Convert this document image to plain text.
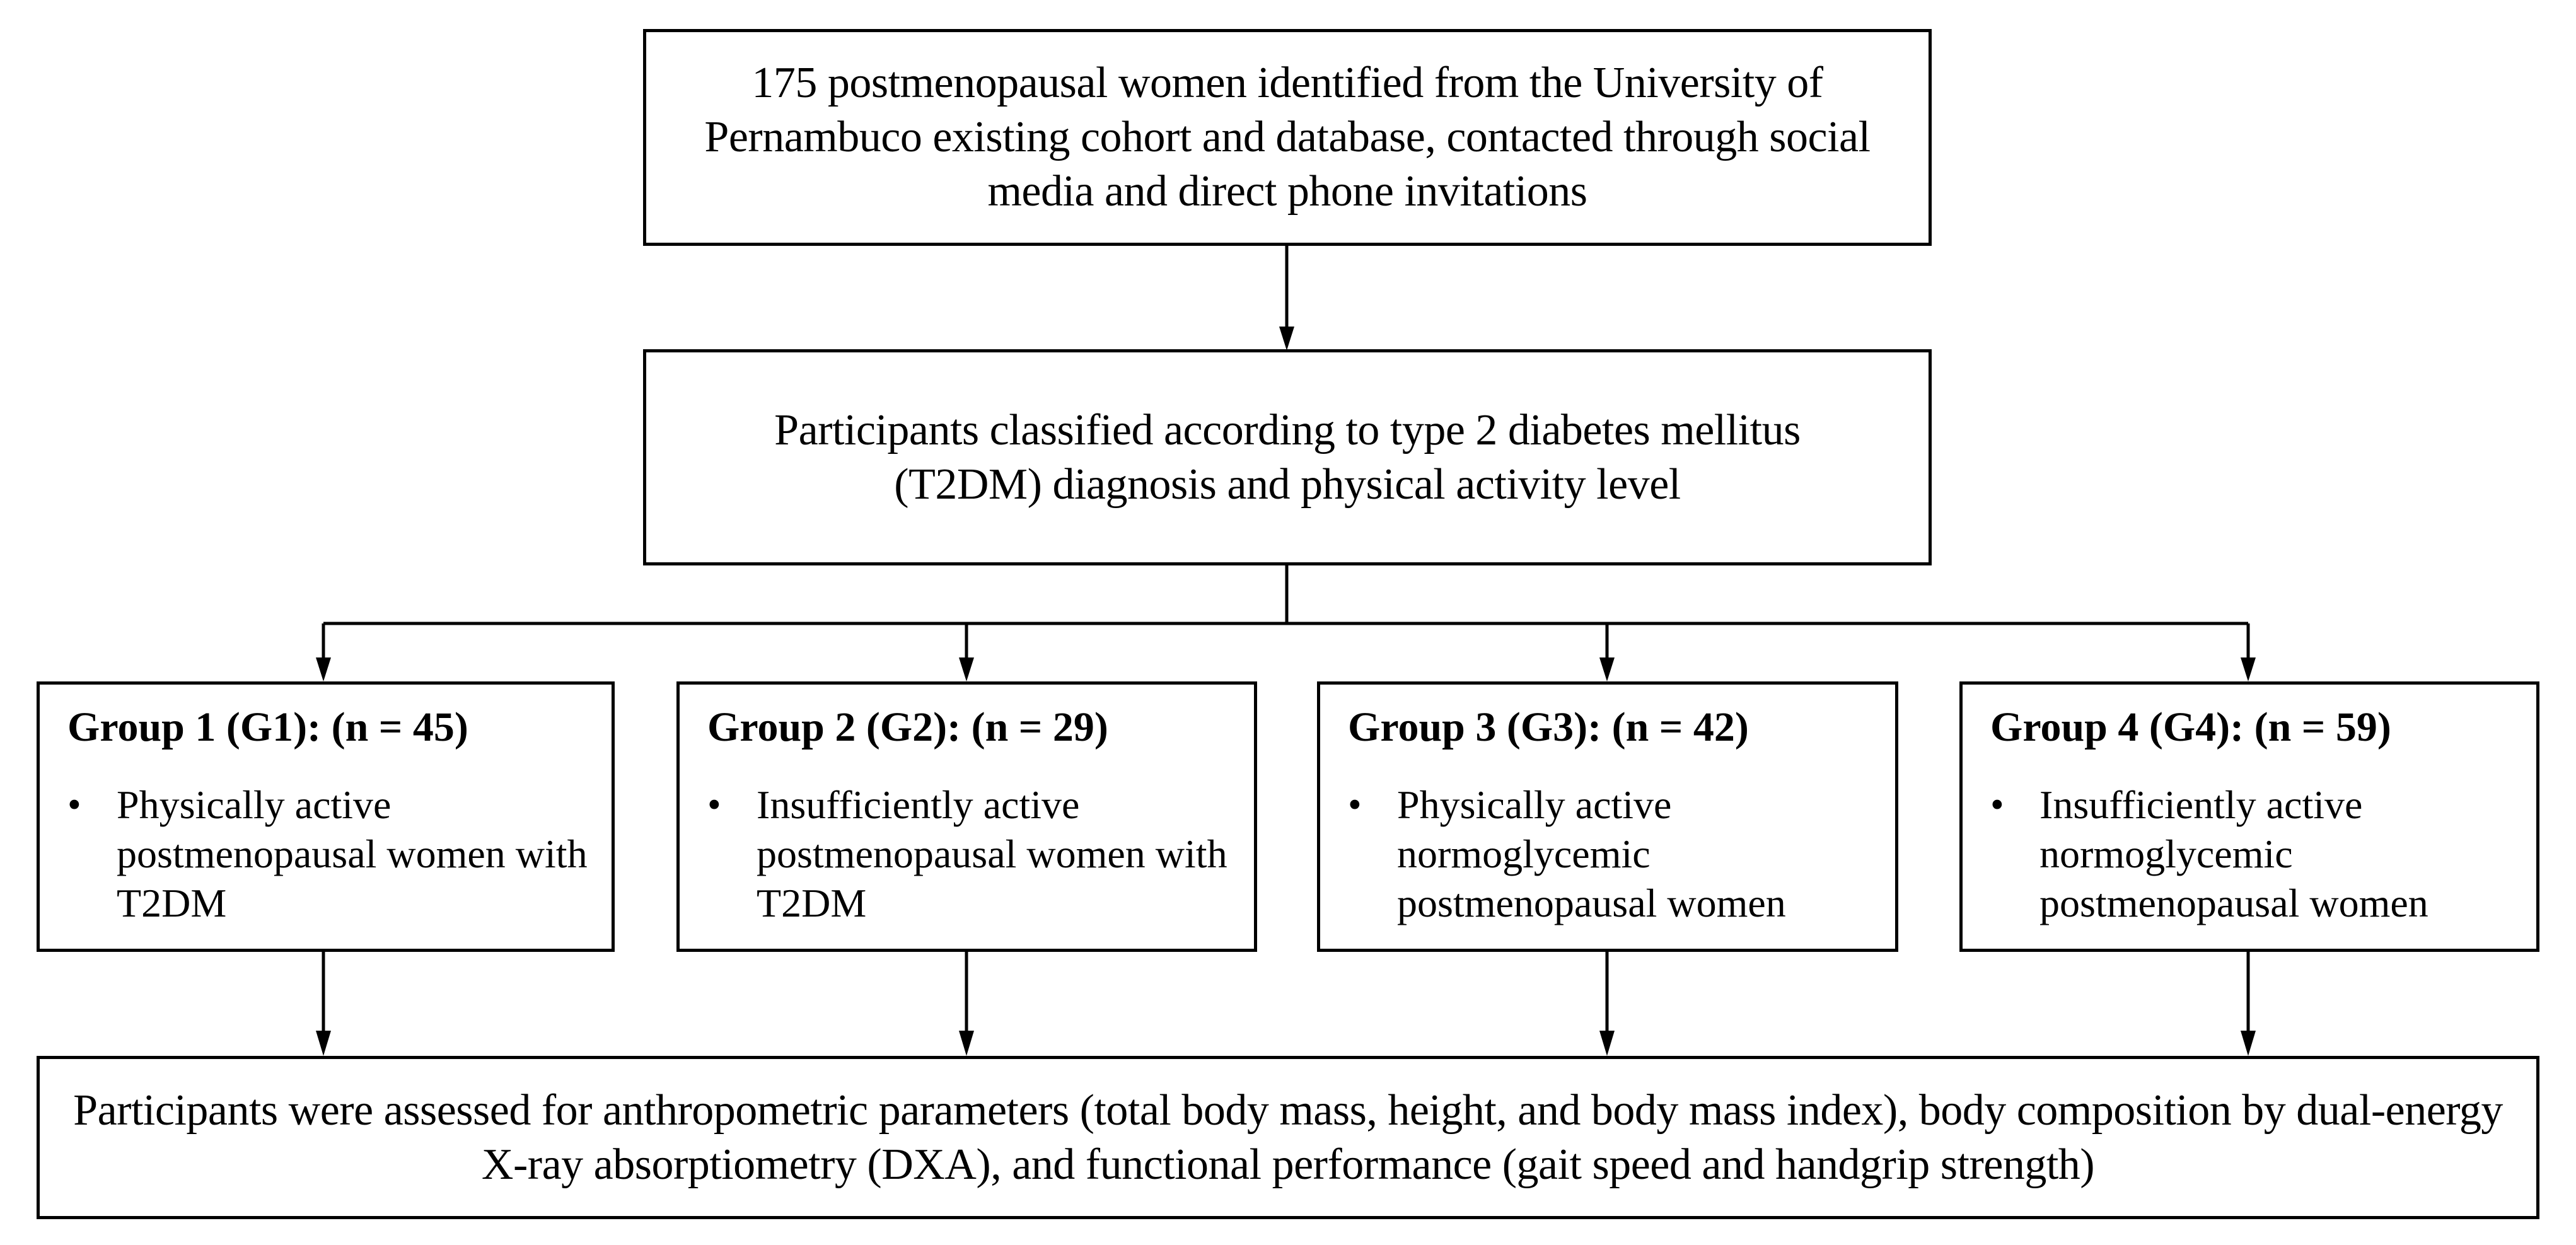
175 postmenopausal women identified from the University of Pernambuco existing cohort and database, contacted through social media and direct phone invitations
Participants classified according to type 2 diabetes mellitus (T2DM) diagnosis and physical activity level
Group 1 (G1): (n = 45)
• Physically active postmenopausal women with T2DM
Group 2 (G2): (n = 29)
• Insufficiently active postmenopausal women with T2DM
Group 3 (G3): (n = 42)
• Physically active normoglycemic postmenopausal women
Group 4 (G4): (n = 59)
• Insufficiently active normoglycemic postmenopausal women
Participants were assessed for anthropometric parameters (total body mass, height, and body mass index), body composition by dual-energy X-ray absorptiometry (DXA), and functional performance (gait speed and handgrip strength)
